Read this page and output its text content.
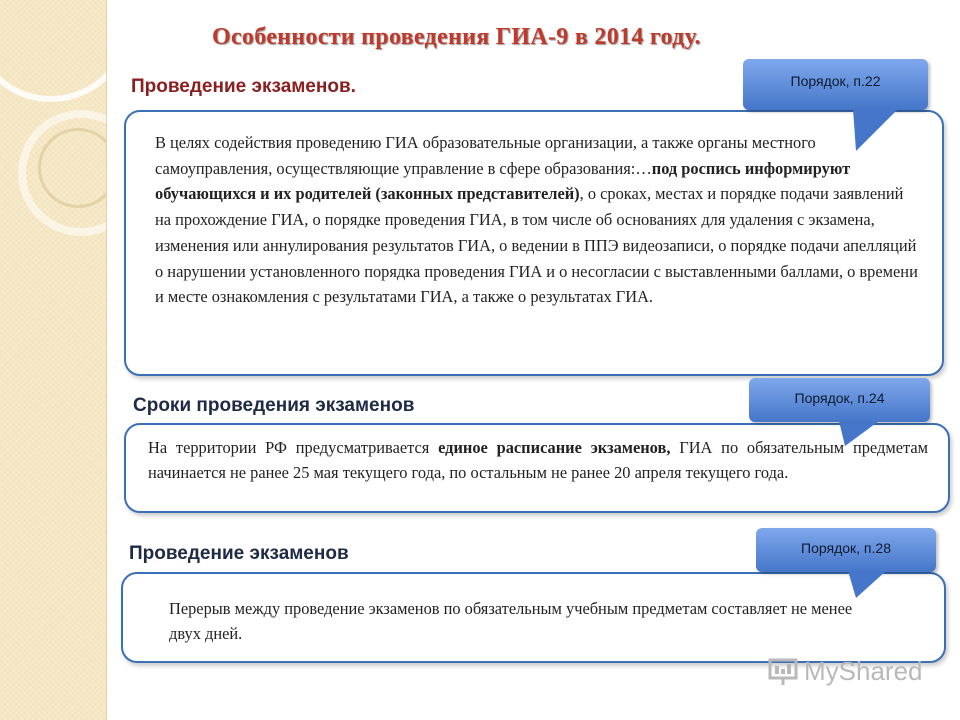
Особенности проведения ГИА-9 в 2014 году.
Проведение экзаменов.
В целях содействия проведению ГИА образовательные организации, а также органы местного самоуправления, осуществляющие управление в сфере образования:…под роспись информируют обучающихся и их родителей (законных представителей), о сроках, местах и порядке подачи заявлений на прохождение ГИА, о порядке проведения ГИА, в том числе об основаниях для удаления с экзамена, изменения или аннулирования результатов ГИА, о ведении в ППЭ видеозаписи, о порядке подачи апелляций о нарушении установленного порядка проведения ГИА и о несогласии с выставленными баллами, о времени и месте ознакомления с результатами ГИА, а также о результатах ГИА.
Порядок, п.22
Сроки проведения экзаменов
На территории РФ предусматривается единое расписание экзаменов, ГИА по обязательным предметам начинается не ранее 25 мая текущего года, по остальным не ранее 20 апреля текущего года.
Порядок, п.24
Проведение экзаменов
Перерыв между проведение экзаменов по обязательным учебным предметам составляет не менее двух дней.
Порядок, п.28
MyShared
